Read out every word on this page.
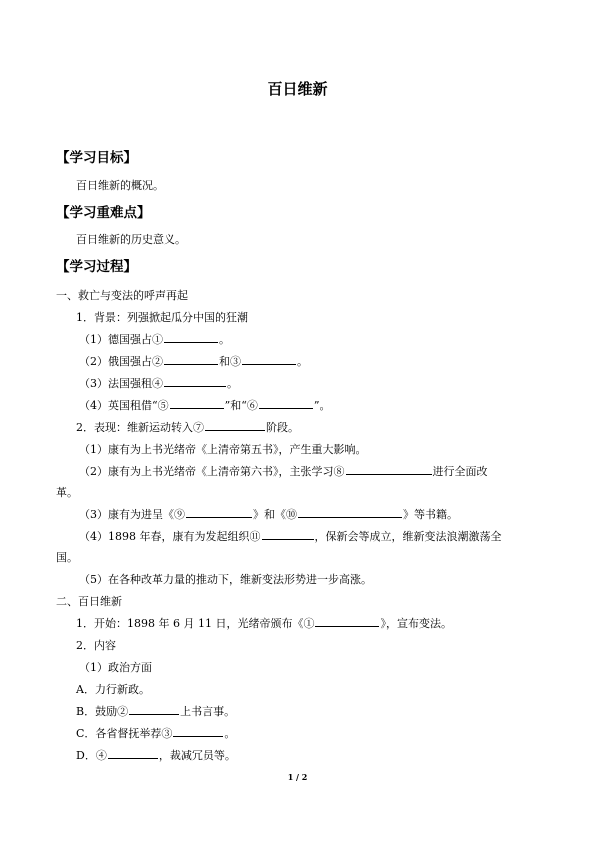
百日维新
【学习目标】
百日维新的概况。
【学习重难点】
百日维新的历史意义。
【学习过程】
一、救亡与变法的呼声再起
1．背景：列强掀起瓜分中国的狂潮
（1）德国强占①	。
（2）俄国强占②	和③	。
（3）法国强租④	。
（4）英国租借“⑤	”和“⑥	”。
2．表现：维新运动转入⑦	阶段。
（1）康有为上书光绪帝《上清帝第五书》，产生重大影响。
（2）康有为上书光绪帝《上清帝第六书》，主张学习⑧	进行全面改
革。
（3）康有为进呈《⑨	》和《⑩	》等书籍。
（4）1898 年春，康有为发起组织⑪	，保新会等成立，维新变法浪潮激荡全
国。
（5）在各种改革力量的推动下，维新变法形势进一步高涨。
二、百日维新
1．开始：1898 年 6 月 11 日，光绪帝颁布《①	》，宣布变法。
2．内容
（1）政治方面
A．力行新政。
B．鼓励②	上书言事。
C．各省督抚举荐③	。
D．④	，裁减冗员等。
1 / 2
